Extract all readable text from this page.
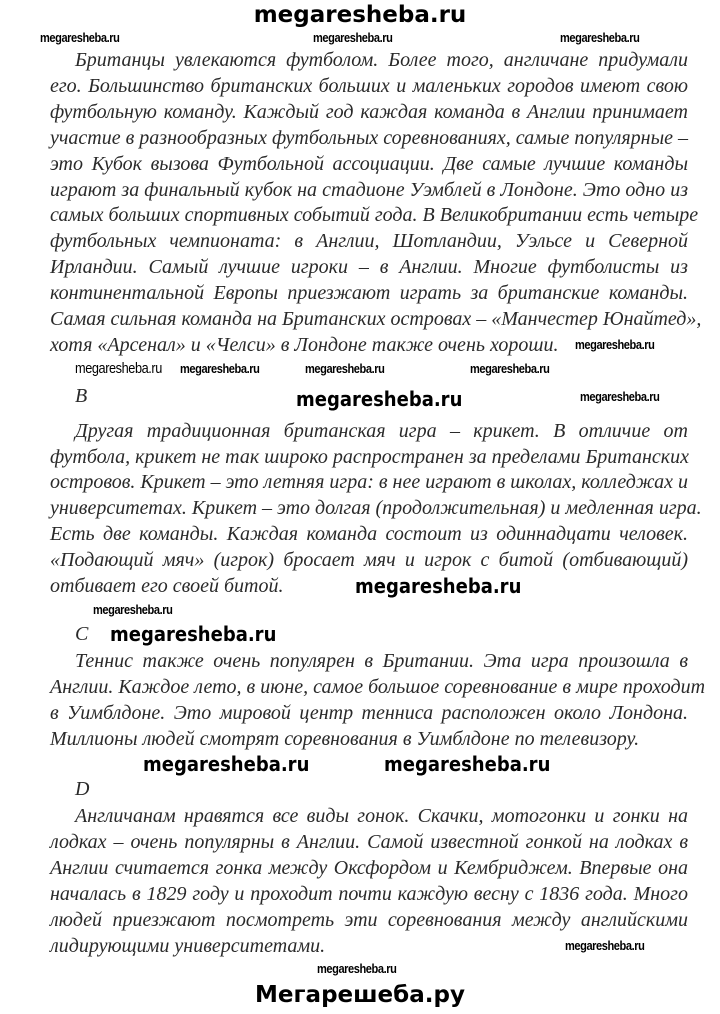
megaresheba.ru
Британцы увлекаются футболом. Более того, англичане придумали
его. Большинство британских больших и маленьких городов имеют свою
футбольную команду. Каждый год каждая команда в Англии принимает
участие в разнообразных футбольных соревнованиях, самые популярные –
это Кубок вызова Футбольной ассоциации. Две самые лучшие команды
играют за финальный кубок на стадионе Уэмблей в Лондоне. Это одно из
самых больших спортивных событий года. В Великобритании есть четыре
футбольных чемпионата: в Англии, Шотландии, Уэльсе и Северной
Ирландии. Самый лучшие игроки – в Англии. Многие футболисты из
континентальной Европы приезжают играть за британские команды.
Самая сильная команда на Британских островах – «Манчестер Юнайтед»,
хотя «Арсенал» и «Челси» в Лондоне также очень хороши.
B
Другая традиционная британская игра – крикет. В отличие от
футбола, крикет не так широко распространен за пределами Британских
островов. Крикет – это летняя игра: в нее играют в школах, колледжах и
университетах. Крикет – это долгая (продолжительная) и медленная игра.
Есть две команды. Каждая команда состоит из одиннадцати человек.
«Подающий мяч» (игрок) бросает мяч и игрок с битой (отбивающий)
отбивает его своей битой.
C
Теннис также очень популярен в Британии. Эта игра произошла в
Англии. Каждое лето, в июне, самое большое соревнование в мире проходит
в Уимблдоне. Это мировой центр тенниса расположен около Лондона.
Миллионы людей смотрят соревнования в Уимблдоне по телевизору.
D
Англичанам нравятся все виды гонок. Скачки, мотогонки и гонки на
лодках – очень популярны в Англии. Самой известной гонкой на лодках в
Англии считается гонка между Оксфордом и Кембриджем. Впервые она
началась в 1829 году и проходит почти каждую весну с 1836 года. Много
людей приезжают посмотреть эти соревнования между английскими
лидирующими университетами.
megaresheba.ru	megaresheba.ru	megaresheba.ru
megaresheba.ru	megaresheba.ru
megaresheba.ru
megaresheba.ru
megaresheba.ru
megaresheba.ru	megaresheba.ru
megaresheba.ru
megaresheba.ru
megaresheba.ru
megaresheba.ru
megaresheba.ru
megaresheba.ru
megaresheba.ru
Мегарешеба.ру
